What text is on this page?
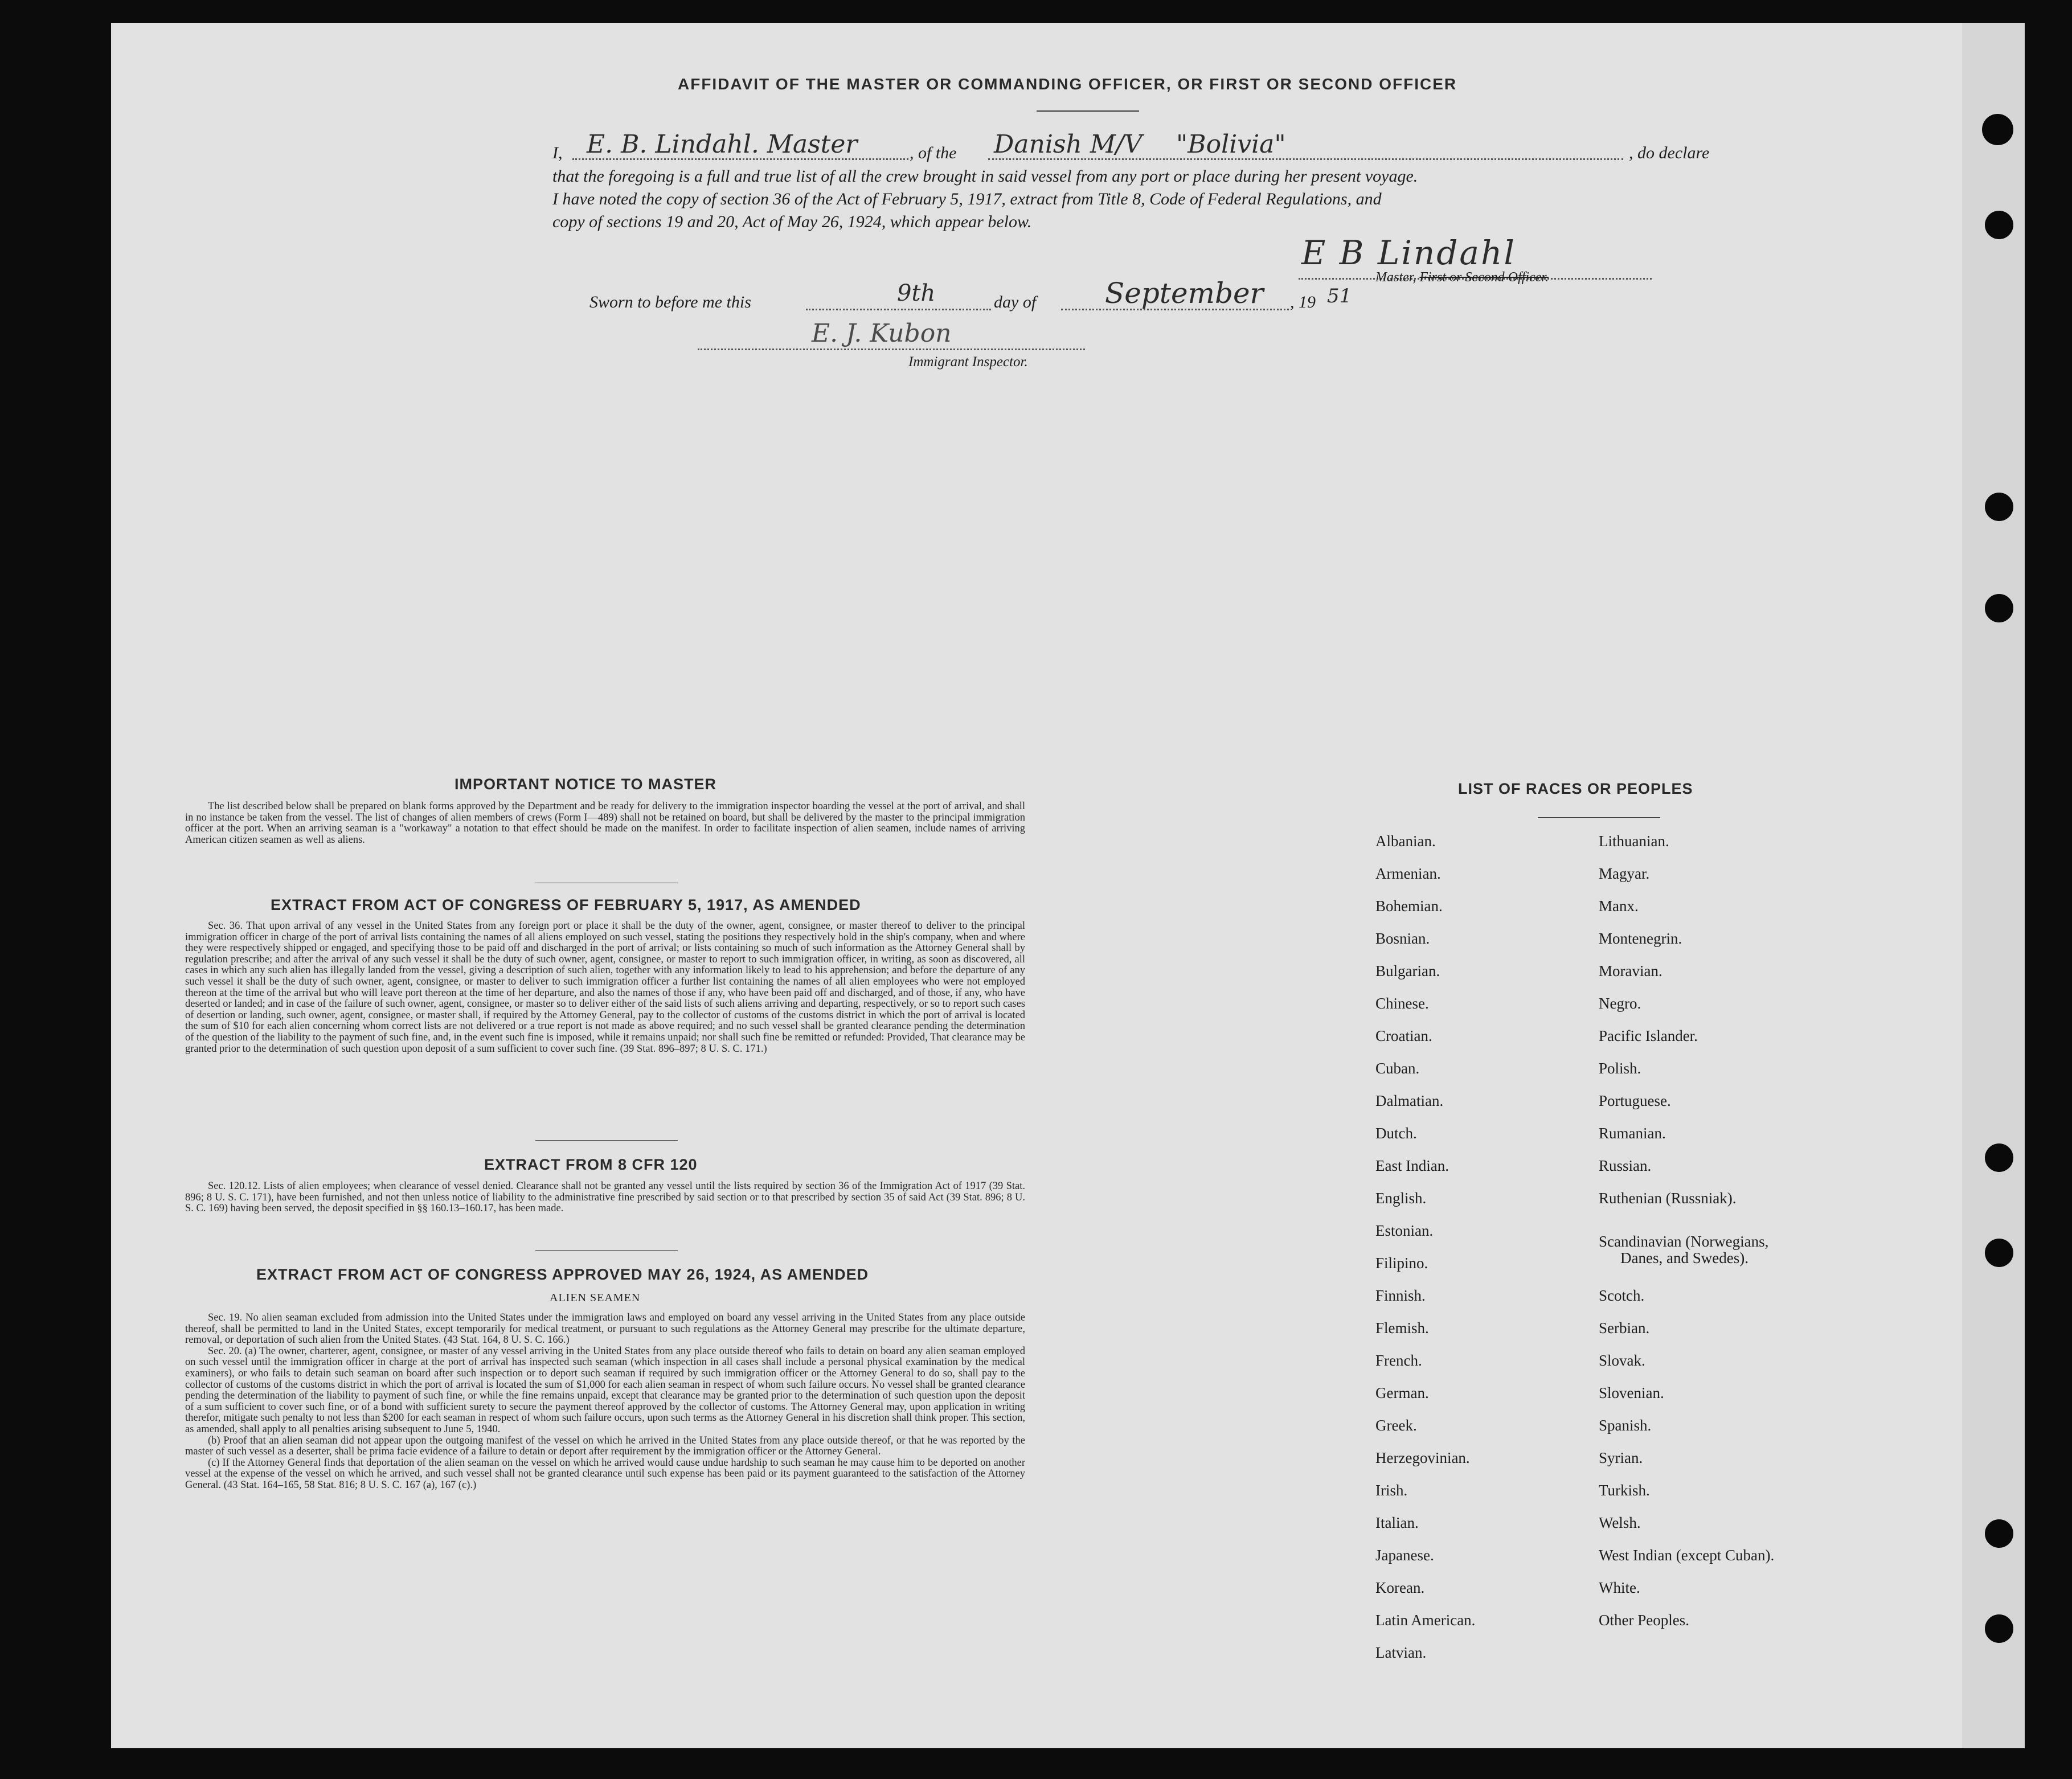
AFFIDAVIT OF THE MASTER OR COMMANDING OFFICER, OR FIRST OR SECOND OFFICER
I, E. B. Lindahl. Master	, of the Danish M/V "Bolivia"	, do declare
that the foregoing is a full and true list of all the crew brought in said vessel from any port or place during her present voyage.
I have noted the copy of section 36 of the Act of February 5, 1917, extract from Title 8, Code of Federal Regulations, and
copy of sections 19 and 20, Act of May 26, 1924, which appear below.
E B Lindahl
Master, First or Second Officer.
Sworn to before me this	9th	day of September , 19 51
E. J. Kubon
Immigrant Inspector.
IMPORTANT NOTICE TO MASTER

The list described below shall be prepared on blank forms approved by the Department and be ready for delivery to the immigration inspector boarding the vessel at the port of arrival, and shall in no instance be taken from the vessel. The list of changes of alien members of crews (Form I—489) shall not be retained on board, but shall be delivered by the master to the principal immigration officer at the port. When an arriving seaman is a "workaway" a notation to that effect should be made on the manifest. In order to facilitate inspection of alien seamen, include names of arriving American citizen seamen as well as aliens.

EXTRACT FROM ACT OF CONGRESS OF FEBRUARY 5, 1917, AS AMENDED

Sec. 36. That upon arrival of any vessel in the United States from any foreign port or place it shall be the duty of the owner, agent, consignee, or master thereof to deliver to the principal immigration officer in charge of the port of arrival lists containing the names of all aliens employed on such vessel, stating the positions they respectively hold in the ship's company, when and where they were respectively shipped or engaged, and specifying those to be paid off and discharged in the port of arrival; or lists containing so much of such information as the Attorney General shall by regulation prescribe; and after the arrival of any such vessel it shall be the duty of such owner, agent, consignee, or master to report to such immigration officer, in writing, as soon as discovered, all cases in which any such alien has illegally landed from the vessel, giving a description of such alien, together with any information likely to lead to his apprehension; and before the departure of any such vessel it shall be the duty of such owner, agent, consignee, or master to deliver to such immigration officer a further list containing the names of all alien employees who were not employed thereon at the time of the arrival but who will leave port thereon at the time of her departure, and also the names of those if any, who have been paid off and discharged, and of those, if any, who have deserted or landed; and in case of the failure of such owner, agent, consignee, or master so to deliver either of the said lists of such aliens arriving and departing, respectively, or so to report such cases of desertion or landing, such owner, agent, consignee, or master shall, if required by the Attorney General, pay to the collector of customs of the customs district in which the port of arrival is located the sum of $10 for each alien concerning whom correct lists are not delivered or a true report is not made as above required; and no such vessel shall be granted clearance pending the determination of the question of the liability to the payment of such fine, and, in the event such fine is imposed, while it remains unpaid; nor shall such fine be remitted or refunded: Provided, That clearance may be granted prior to the determination of such question upon deposit of a sum sufficient to cover such fine. (39 Stat. 896–897; 8 U. S. C. 171.)

EXTRACT FROM 8 CFR 120

Sec. 120.12. Lists of alien employees; when clearance of vessel denied. Clearance shall not be granted any vessel until the lists required by section 36 of the Immigration Act of 1917 (39 Stat. 896; 8 U. S. C. 171), have been furnished, and not then unless notice of liability to the administrative fine prescribed by said section or to that prescribed by section 35 of said Act (39 Stat. 896; 8 U. S. C. 169) having been served, the deposit specified in §§ 160.13–160.17, has been made.

EXTRACT FROM ACT OF CONGRESS APPROVED MAY 26, 1924, AS AMENDED
ALIEN SEAMEN

Sec. 19. No alien seaman excluded from admission into the United States under the immigration laws and employed on board any vessel arriving in the United States from any place outside thereof, shall be permitted to land in the United States, except temporarily for medical treatment, or pursuant to such regulations as the Attorney General may prescribe for the ultimate departure, removal, or deportation of such alien from the United States. (43 Stat. 164, 8 U. S. C. 166.)

Sec. 20. (a) The owner, charterer, agent, consignee, or master of any vessel arriving in the United States from any place outside thereof who fails to detain on board any alien seaman employed on such vessel until the immigration officer in charge at the port of arrival has inspected such seaman (which inspection in all cases shall include a personal physical examination by the medical examiners), or who fails to detain such seaman on board after such inspection or to deport such seaman if required by such immigration officer or the Attorney General to do so, shall pay to the collector of customs of the customs district in which the port of arrival is located the sum of $1,000 for each alien seaman in respect of whom such failure occurs. No vessel shall be granted clearance pending the determination of the liability to payment of such fine, or while the fine remains unpaid, except that clearance may be granted prior to the determination of such question upon the deposit of a sum sufficient to cover such fine, or of a bond with sufficient surety to secure the payment thereof approved by the collector of customs. The Attorney General may, upon application in writing therefor, mitigate such penalty to not less than $200 for each seaman in respect of whom such failure occurs, upon such terms as the Attorney General in his discretion shall think proper. This section, as amended, shall apply to all penalties arising subsequent to June 5, 1940.

(b) Proof that an alien seaman did not appear upon the outgoing manifest of the vessel on which he arrived in the United States from any place outside thereof, or that he was reported by the master of such vessel as a deserter, shall be prima facie evidence of a failure to detain or deport after requirement by the immigration officer or the Attorney General.

(c) If the Attorney General finds that deportation of the alien seaman on the vessel on which he arrived would cause undue hardship to such seaman he may cause him to be deported on another vessel at the expense of the vessel on which he arrived, and such vessel shall not be granted clearance until such expense has been paid or its payment guaranteed to the satisfaction of the Attorney General. (43 Stat. 164–165, 58 Stat. 816; 8 U. S. C. 167 (a), 167 (c).)

LIST OF RACES OR PEOPLES
Albanian.
Armenian.
Bohemian.
Bosnian.
Bulgarian.
Chinese.
Croatian.
Cuban.
Dalmatian.
Dutch.
East Indian.
English.
Estonian.
Filipino.
Finnish.
Flemish.
French.
German.
Greek.
Herzegovinian.
Irish.
Italian.
Japanese.
Korean.
Latin American.
Latvian.
Lithuanian.
Magyar.
Manx.
Montenegrin.
Moravian.
Negro.
Pacific Islander.
Polish.
Portuguese.
Rumanian.
Russian.
Ruthenian (Russniak).
Scandinavian (Norwegians,
Danes, and Swedes).
Scotch.
Serbian.
Slovak.
Slovenian.
Spanish.
Syrian.
Turkish.
Welsh.
West Indian (except Cuban).
White.
Other Peoples.
